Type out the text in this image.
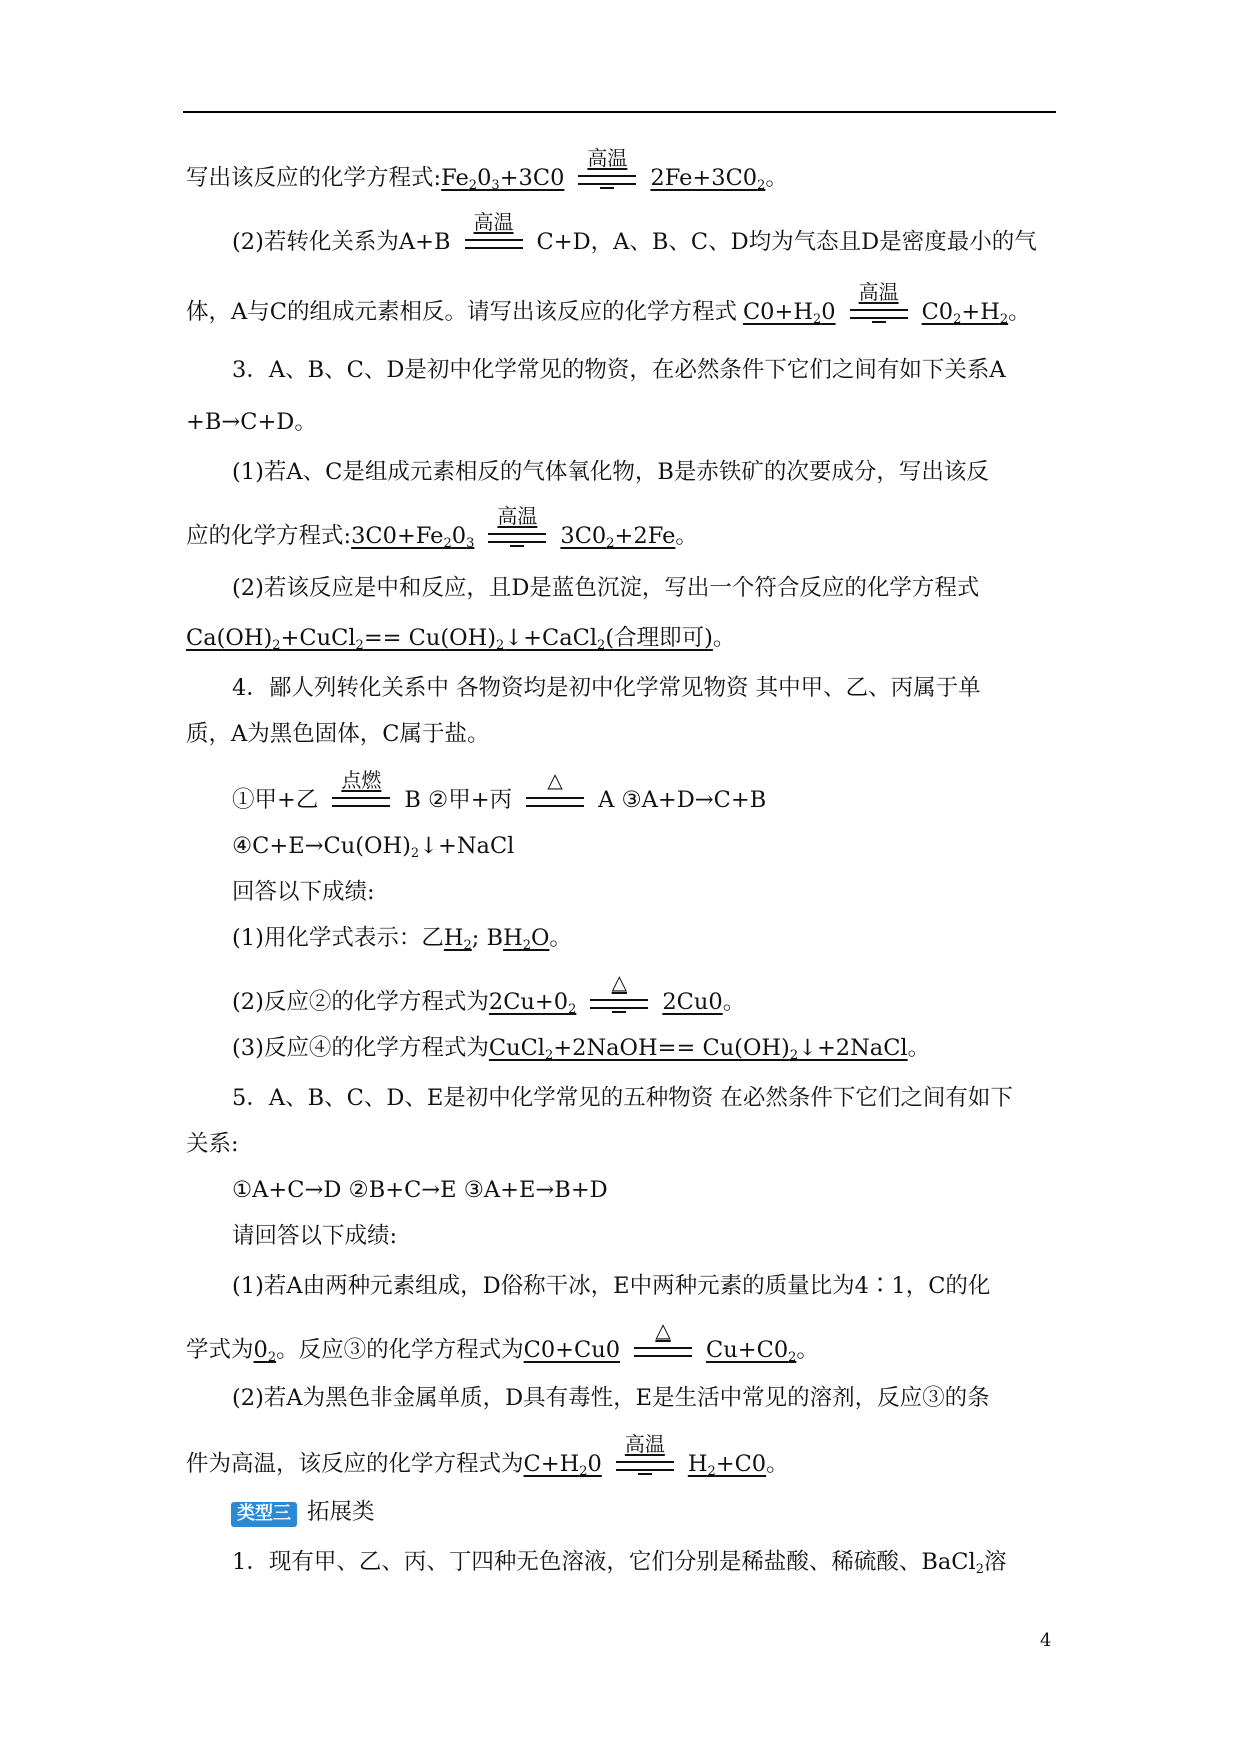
写出该反应的化学方程式$:Fe_20_3+3C0$
高温
$2Fe+3C0_2$。
(2)若转化关系为A+B
高温
C+D，A、B、C、D均为气态且D是密度最小的气
体，A与C的组成元素相反。请写出该反应的化学方程式 $C0+H_20$
高温
$C0_2+H_2$。
3．A、B、C、D是初中化学常见的物资，在必然条件下它们之间有如下关系A
+B→C+D。
(1)若A、C是组成元素相反的气体氧化物，B是赤铁矿的次要成分，写出该反
应的化学方程式$:3C0+Fe_20_3$
高温
$3C0_2+2Fe$。
(2)若该反应是中和反应，且D是蓝色沉淀，写出一个符合反应的化学方程式
$Ca(OH)_2+CuCl_2==$ $Cu(OH)_2↓+CaCl_2$(合理即可)。
4．鄙人列转化关系中 各物资均是初中化学常见物资 其中甲、乙、丙属于单
质，A为黑色固体，C属于盐。
①甲+乙
点燃
B ②甲+丙
△
A ③A+D→C+B
$④C+E\to Cu(OH)_2↓+NaCl$
回答以下成绩:
(1)用化学式表示：乙$H_2$; $BH_2O$。
(2)反应②的化学方程式为$2Cu+0_2$
△
2Cu0。
(3)反应④的化学方程式为CuCl$_2$+2NaOH== $Cu(OH)_2↓+2NaCl$。
5．A、B、C、D、E是初中化学常见的五种物资 在必然条件下它们之间有如下
关系:
①A+C→D ②B+C→E ③A+E→B+D
请回答以下成绩:
(1)若A由两种元素组成，D俗称干冰，E中两种元素的质量比为4∶1，C的化
学式为$0_2$。反应③的化学方程式为C0+Cu0
△
$Cu+C0_2$。
(2)若A为黑色非金属单质，D具有毒性，E是生活中常见的溶剂，反应③的条
件为高温，该反应的化学方程式为$C+H_20$
高温
$H_2+C0$。
类型三 拓展类
1．现有甲、乙、丙、丁四种无色溶液，它们分别是稀盐酸、稀硫酸、BaCl$_2$溶
4
